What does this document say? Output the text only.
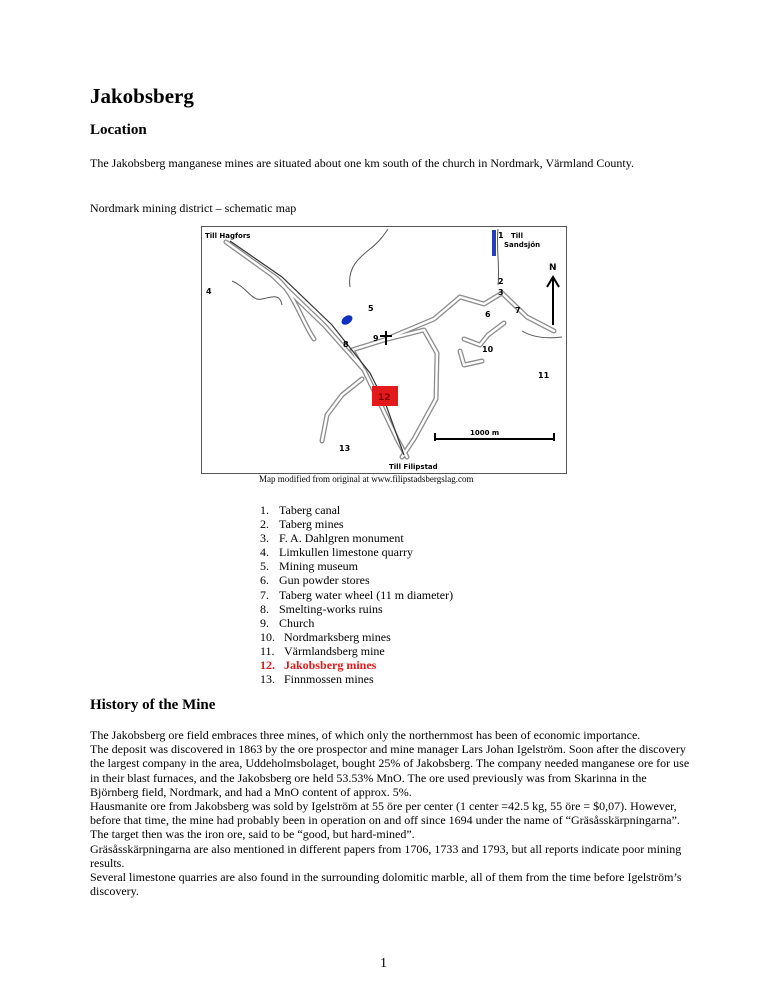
Jakobsberg
Location

The Jakobsberg manganese mines are situated about one km south of the church in Nordmark, Värmland County.

Nordmark mining district – schematic map

N
1000 m
12
Till Hagfors	Till
Sandsjön
Till Filipstad
1
2
3
4
5
6	7
8
9
10
11
13

Map modified from original at www.filipstadsbergslag.com

1. Taberg canal
2. Taberg mines
3. F. A. Dahlgren monument
4. Limkullen limestone quarry
5. Mining museum
6. Gun powder stores
7. Taberg water wheel (11 m diameter)
8. Smelting-works ruins
9. Church
10. Nordmarksberg mines
11. Värmlandsberg mine
12. Jakobsberg mines
13. Finnmossen mines
History of the Mine

The Jakobsberg ore field embraces three mines, of which only the northernmost has been of economic importance.

The deposit was discovered in 1863 by the ore prospector and mine manager Lars Johan Igelström. Soon after the discovery the largest company in the area, Uddeholmsbolaget, bought 25% of Jakobsberg. The company needed manganese ore for use in their blast furnaces, and the Jakobsberg ore held 53.53% MnO. The ore used previously was from Skarinna in the Björnberg field, Nordmark, and had a MnO content of approx. 5%.

Hausmanite ore from Jakobsberg was sold by Igelström at 55 öre per center (1 center =42.5 kg, 55 öre = $0,07). However, before that time, the mine had probably been in operation on and off since 1694 under the name of “Gräsåsskärpningarna”. The target then was the iron ore, said to be “good, but hard-mined”.

Gräsåsskärpningarna are also mentioned in different papers from 1706, 1733 and 1793, but all reports indicate poor mining results.

Several limestone quarries are also found in the surrounding dolomitic marble, all of them from the time before Igelström’s discovery.

1
